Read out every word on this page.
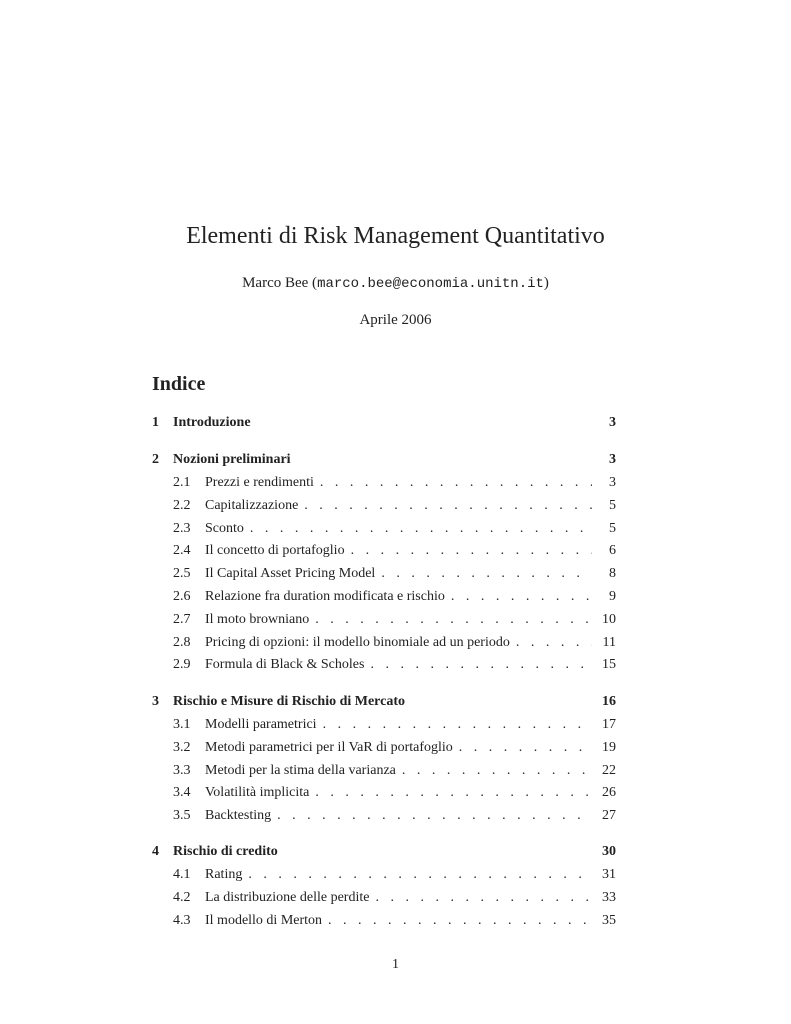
Elementi di Risk Management Quantitativo
Marco Bee (marco.bee@economia.unitn.it)
Aprile 2006
Indice
1	Introduzione	3
2	Nozioni preliminari	3
2.1	Prezzi e rendimenti . . .	3
2.2	Capitalizzazione . . .	5
2.3	Sconto . . .	5
2.4	Il concetto di portafoglio . . .	6
2.5	Il Capital Asset Pricing Model . . .	8
2.6	Relazione fra duration modificata e rischio . . .	9
2.7	Il moto browniano . . .	10
2.8	Pricing di opzioni: il modello binomiale ad un periodo . . .	11
2.9	Formula di Black & Scholes . . .	15
3	Rischio e Misure di Rischio di Mercato	16
3.1	Modelli parametrici . . .	17
3.2	Metodi parametrici per il VaR di portafoglio . . .	19
3.3	Metodi per la stima della varianza . . .	22
3.4	Volatilità implicita . . .	26
3.5	Backtesting . . .	27
4	Rischio di credito	30
4.1	Rating . . .	31
4.2	La distribuzione delle perdite . . .	33
4.3	Il modello di Merton . . .	35
1
